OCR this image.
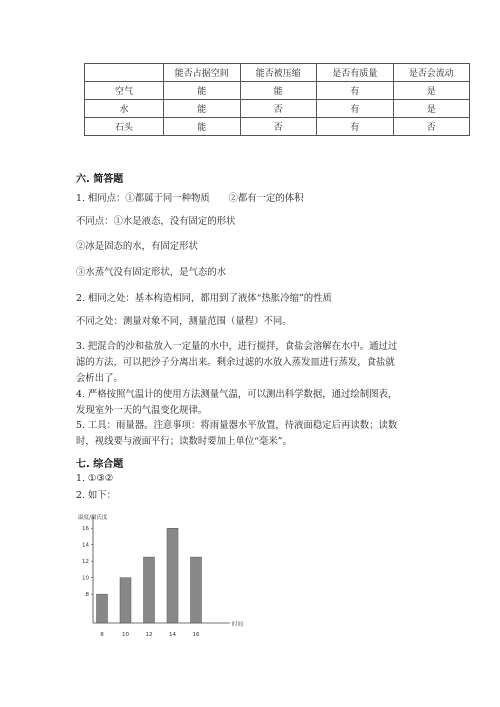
	能否占据空间	能否被压缩	是否有质量	是否会流动
空气	能	能	有	是
水	能	否	有	是
石头	能	否	有	否
六. 简答题
1. 相同点：①都属于同一种物质　　②都有一定的体积
不同点：①水是液态，没有固定的形状
②冰是固态的水，有固定形状
③水蒸气没有固定形状，是气态的水
2. 相同之处：基本构造相同，都用到了液体“热胀冷缩”的性质
不同之处：测量对象不同，测量范围（量程）不同。
3. 把混合的沙和盐放入一定量的水中，进行搅拌，食盐会溶解在水中。通过过
滤的方法，可以把沙子分离出来。剩余过滤的水放入蒸发皿进行蒸发，食盐就
会析出了。
4. 严格按照气温计的使用方法测量气温，可以测出科学数据，通过绘制图表，
发现室外一天的气温变化规律。
5. 工具：雨量器。注意事项：将雨量器水平放置，待液面稳定后再读数；读数
时，视线要与液面平行；读数时要加上单位“毫米”。
七. 综合题
1. ①③②
2. 如下：
温度/摄氏度
时间
8
10
12
14
16
8	10	12	14	16
